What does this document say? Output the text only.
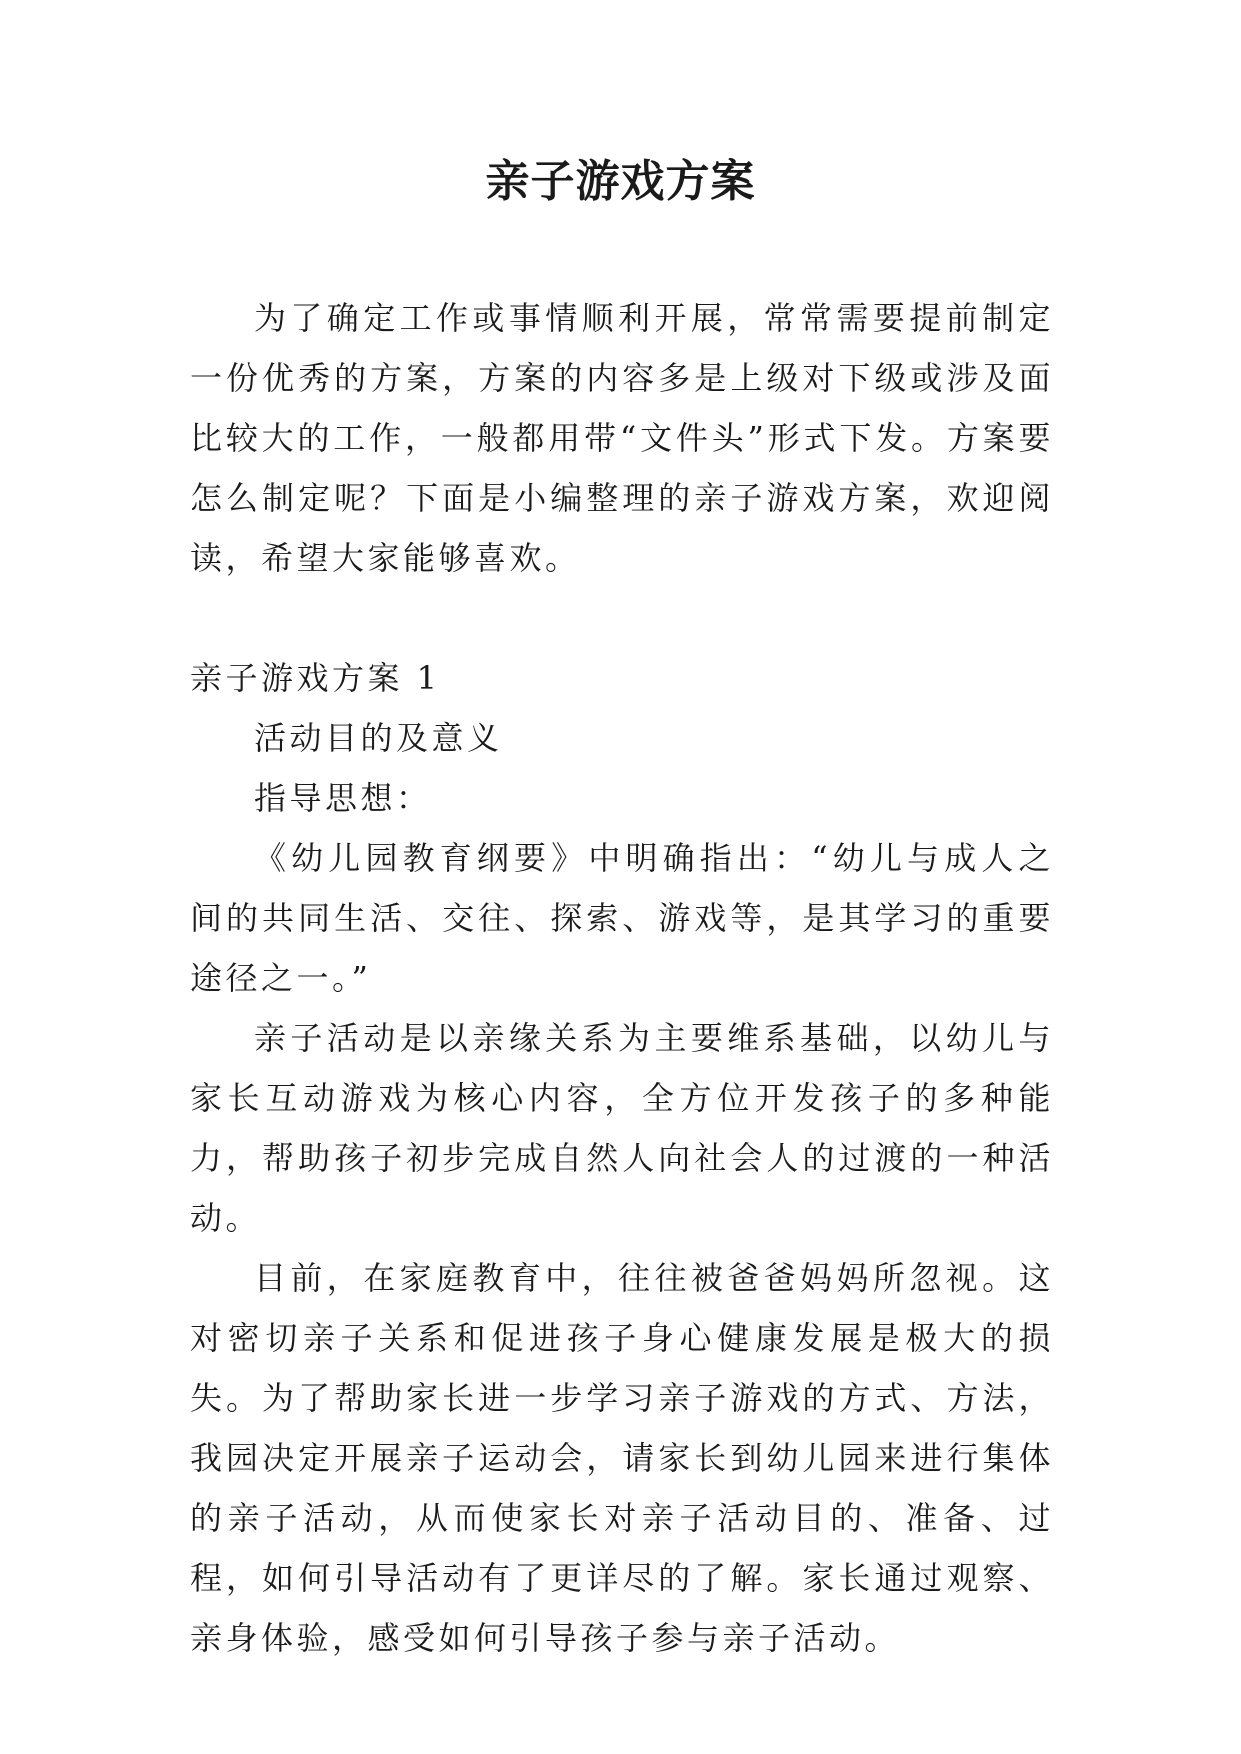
亲子游戏方案

为了确定工作或事情顺利开展，常常需要提前制定一份优秀的方案，方案的内容多是上级对下级或涉及面比较大的工作，一般都用带“文件头”形式下发。方案要怎么制定呢？下面是小编整理的亲子游戏方案，欢迎阅读，希望大家能够喜欢。

亲子游戏方案 1

活动目的及意义

指导思想：

《幼儿园教育纲要》中明确指出：“幼儿与成人之间的共同生活、交往、探索、游戏等，是其学习的重要途径之一。”

亲子活动是以亲缘关系为主要维系基础，以幼儿与家长互动游戏为核心内容，全方位开发孩子的多种能力，帮助孩子初步完成自然人向社会人的过渡的一种活动。

目前，在家庭教育中，往往被爸爸妈妈所忽视。这对密切亲子关系和促进孩子身心健康发展是极大的损失。为了帮助家长进一步学习亲子游戏的方式、方法，我园决定开展亲子运动会，请家长到幼儿园来进行集体的亲子活动，从而使家长对亲子活动目的、准备、过程，如何引导活动有了更详尽的了解。家长通过观察、亲身体验，感受如何引导孩子参与亲子活动。
